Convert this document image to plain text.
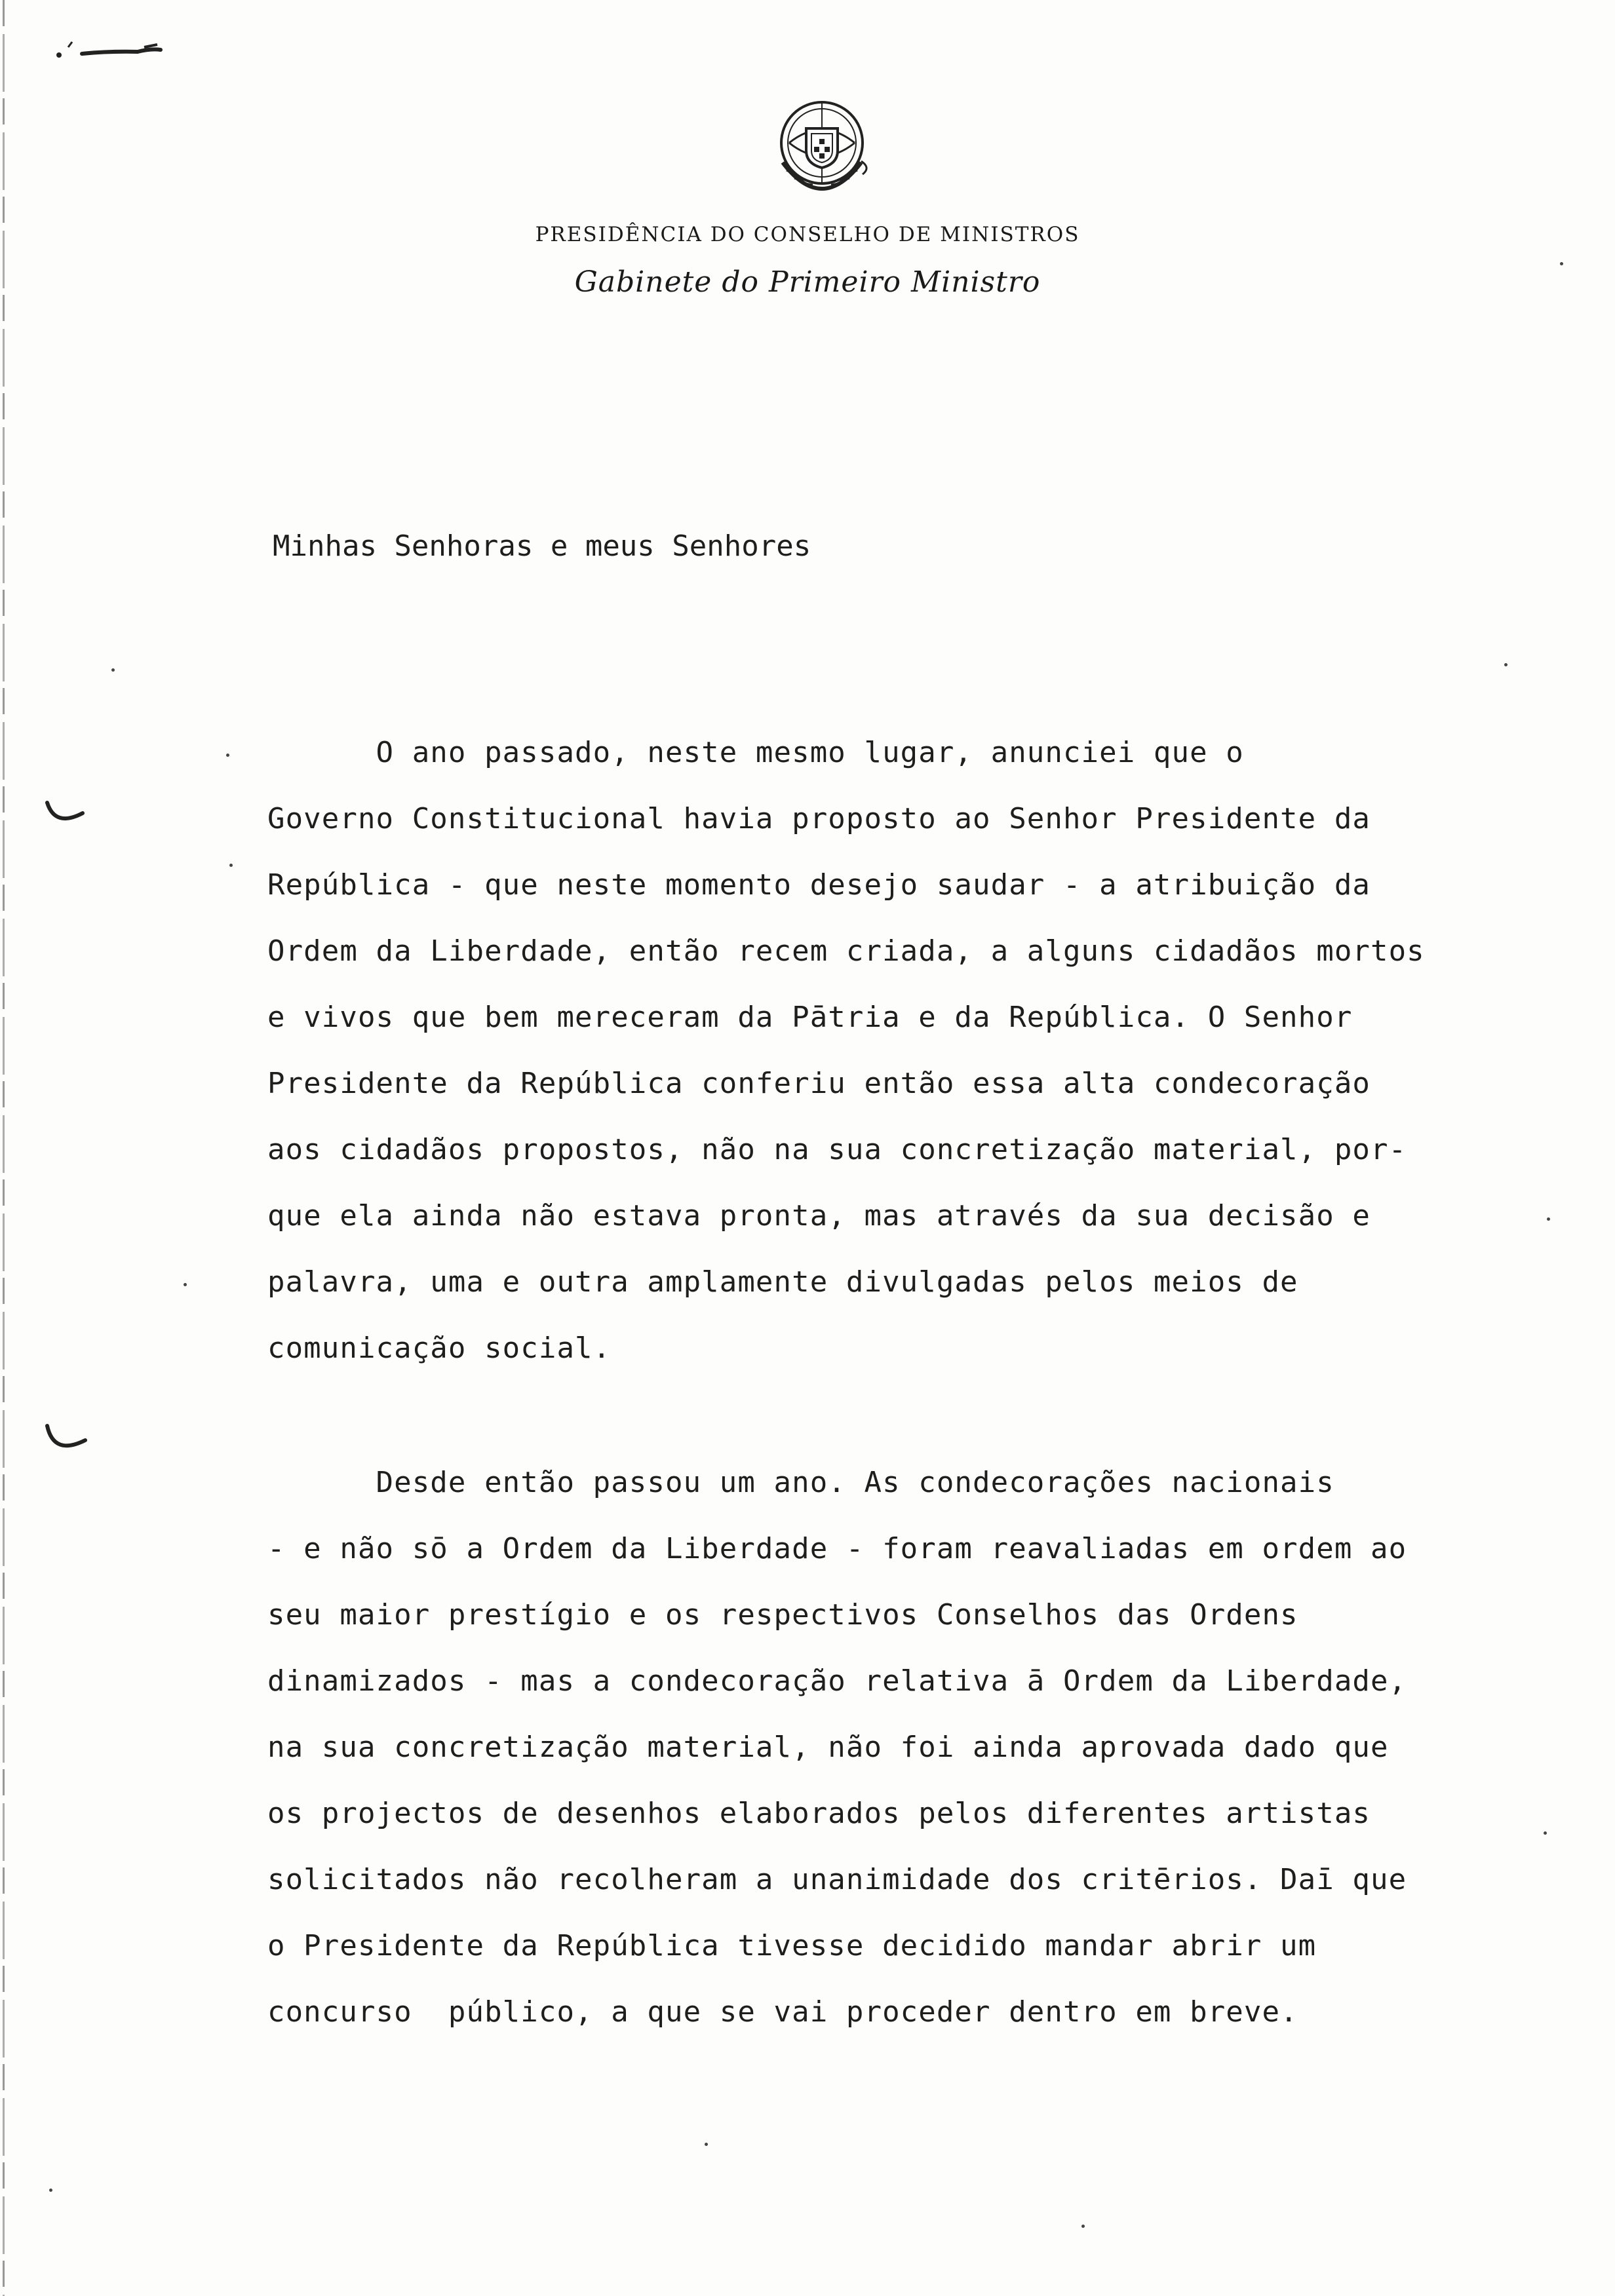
PRESIDÊNCIA DO CONSELHO DE MINISTROS
Gabinete do Primeiro Ministro
Minhas Senhoras e meus Senhores
O ano passado, neste mesmo lugar, anunciei que o
Governo Constitucional havia proposto ao Senhor Presidente da
República - que neste momento desejo saudar - a atribuição da
Ordem da Liberdade, então recem criada, a alguns cidadãos mortos
e vivos que bem mereceram da Pātria e da República. O Senhor
Presidente da República conferiu então essa alta condecoração
aos cidadãos propostos, não na sua concretização material, por-
que ela ainda não estava pronta, mas através da sua decisão e
palavra, uma e outra amplamente divulgadas pelos meios de
comunicação social.
Desde então passou um ano. As condecorações nacionais
- e não sō a Ordem da Liberdade - foram reavaliadas em ordem ao
seu maior prestígio e os respectivos Conselhos das Ordens
dinamizados - mas a condecoração relativa ā Ordem da Liberdade,
na sua concretização material, não foi ainda aprovada dado que
os projectos de desenhos elaborados pelos diferentes artistas
solicitados não recolheram a unanimidade dos critērios. Daī que
o Presidente da República tivesse decidido mandar abrir um
concurso  público, a que se vai proceder dentro em breve.
